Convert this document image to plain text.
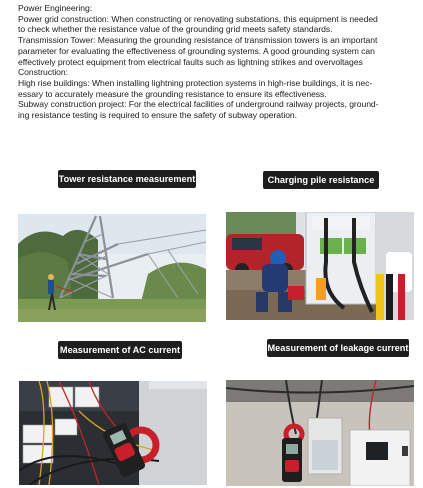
Power Engineering:

Power grid construction: When constructing or renovating substations, this equipment is needed

to check whether the resistance value of the grounding grid meets safety standards.

Transmission Tower: Measuring the grounding resistance of transmission towers is an important

parameter for evaluating the effectiveness of grounding systems. A good grounding system can

effectively protect equipment from electrical faults such as lightning strikes and overvoltages

Construction:

High rise buildings: When installing lightning protection systems in high-rise buildings, it is nec-

essary to accurately measure the grounding resistance to ensure its effectiveness.

Subway construction project: For the electrical facilities of underground railway projects, ground-

ing resistance testing is required to ensure the safety of subway operation.

Tower resistance measurement	Charging pile resistance
Measurement of AC current	Measurement of leakage current
